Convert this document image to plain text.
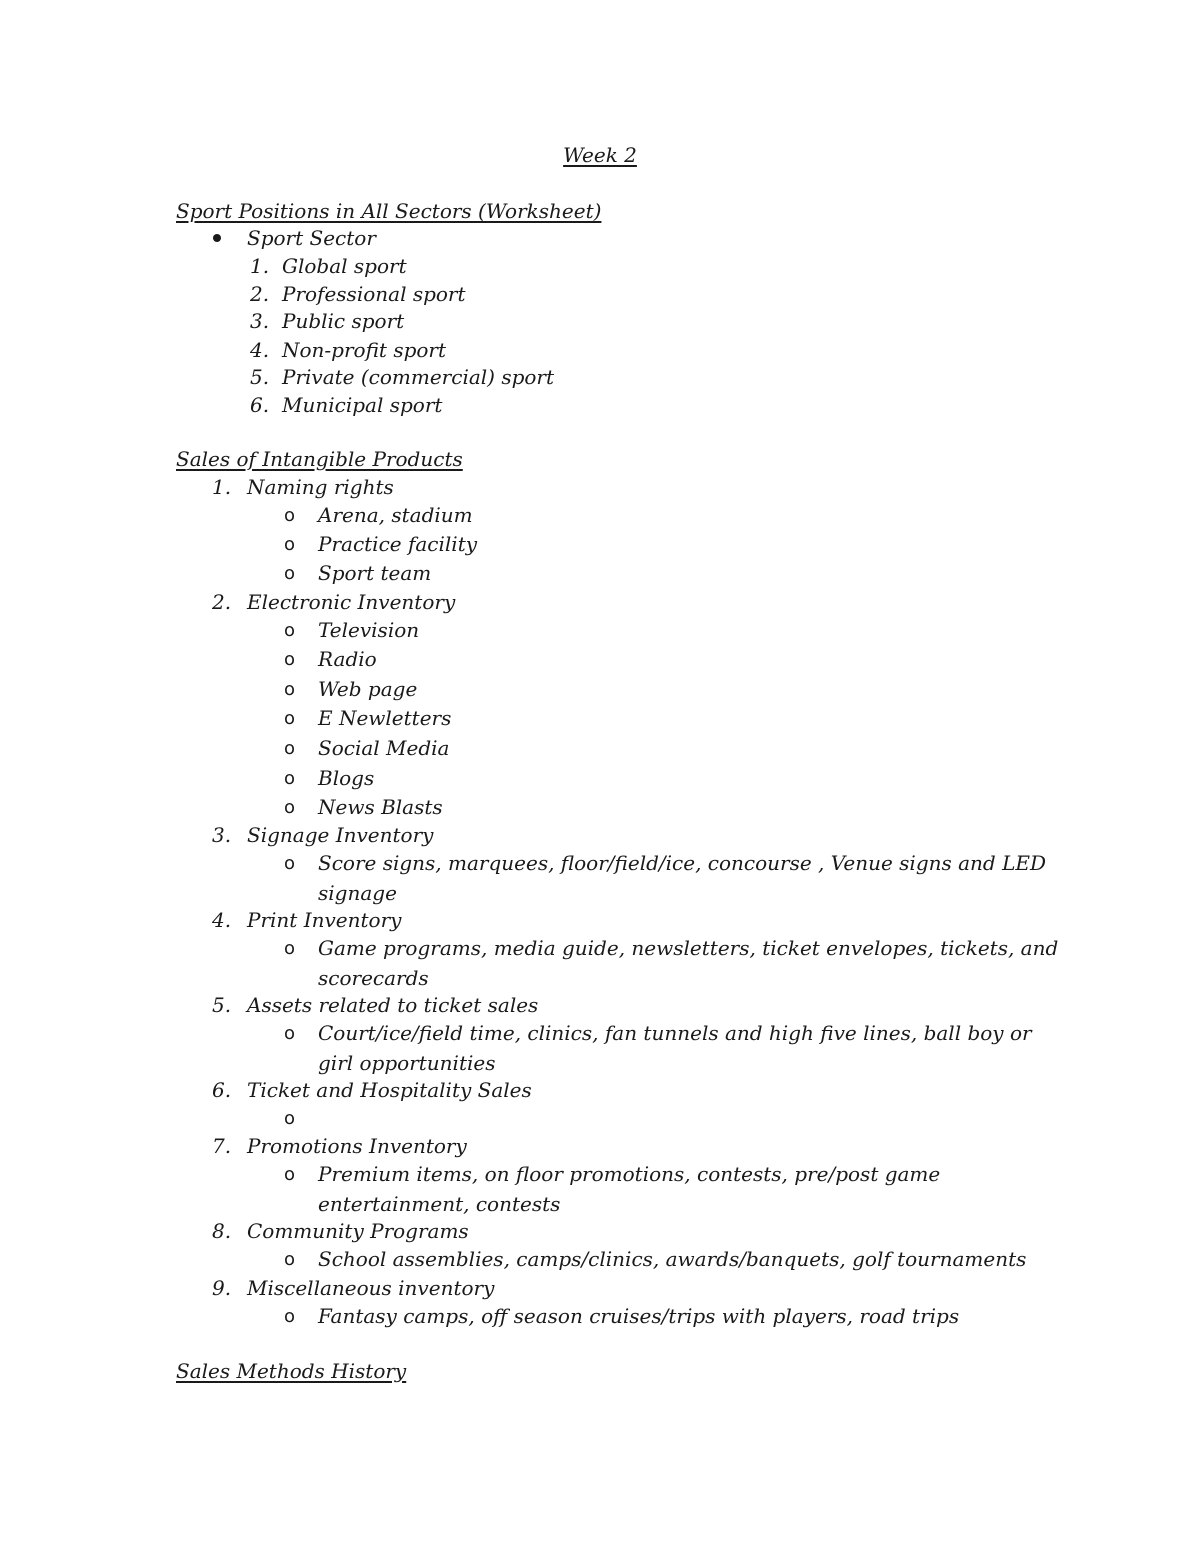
Week 2
Sport Positions in All Sectors (Worksheet)
Sport Sector
1. Global sport
2. Professional sport
3. Public sport
4. Non-profit sport
5. Private (commercial) sport
6. Municipal sport
Sales of Intangible Products
1. Naming rights
o Arena, stadium
o Practice facility
o Sport team
2. Electronic Inventory
o Television
o Radio
o Web page
o E Newletters
o Social Media
o Blogs
o News Blasts
3. Signage Inventory
o Score signs, marquees, floor/field/ice, concourse , Venue signs and LED
signage
4. Print Inventory
o Game programs, media guide, newsletters, ticket envelopes, tickets, and
scorecards
5. Assets related to ticket sales
o Court/ice/field time, clinics, fan tunnels and high five lines, ball boy or
girl opportunities
6. Ticket and Hospitality Sales
o
7. Promotions Inventory
o Premium items, on floor promotions, contests, pre/post game
entertainment, contests
8. Community Programs
o School assemblies, camps/clinics, awards/banquets, golf tournaments
9. Miscellaneous inventory
o Fantasy camps, off season cruises/trips with players, road trips
Sales Methods History
